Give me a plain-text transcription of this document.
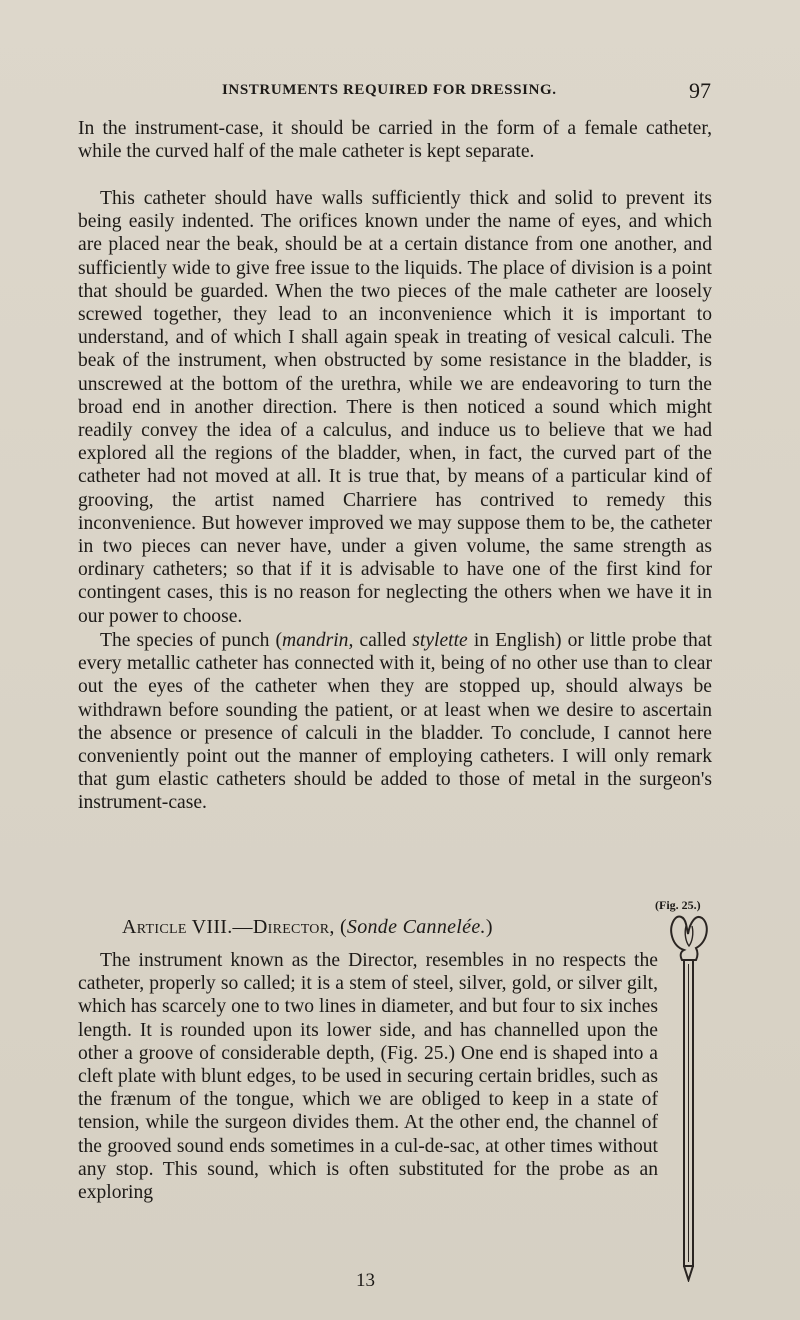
INSTRUMENTS REQUIRED FOR DRESSING.	97

In the instrument-case, it should be carried in the form of a female catheter, while the curved half of the male catheter is kept separate.

This catheter should have walls sufficiently thick and solid to prevent its being easily indented. The orifices known under the name of eyes, and which are placed near the beak, should be at a certain distance from one another, and sufficiently wide to give free issue to the liquids. The place of division is a point that should be guarded. When the two pieces of the male catheter are loosely screwed together, they lead to an inconvenience which it is important to understand, and of which I shall again speak in treating of vesical calculi. The beak of the instrument, when obstructed by some resistance in the bladder, is unscrewed at the bottom of the urethra, while we are endeavoring to turn the broad end in another direction. There is then noticed a sound which might readily convey the idea of a calculus, and induce us to believe that we had explored all the regions of the bladder, when, in fact, the curved part of the catheter had not moved at all. It is true that, by means of a particular kind of grooving, the artist named Charriere has contrived to remedy this inconvenience. But however improved we may suppose them to be, the catheter in two pieces can never have, under a given volume, the same strength as ordinary catheters; so that if it is advisable to have one of the first kind for contingent cases, this is no reason for neglecting the others when we have it in our power to choose.

The species of punch (mandrin, called stylette in English) or little probe that every metallic catheter has connected with it, being of no other use than to clear out the eyes of the catheter when they are stopped up, should always be withdrawn before sounding the patient, or at least when we desire to ascertain the absence or presence of calculi in the bladder. To conclude, I cannot here conveniently point out the manner of employing catheters. I will only remark that gum elastic catheters should be added to those of metal in the surgeon's instrument-case.

(Fig. 25.)
Article VIII.—Director, (Sonde Cannelée.)

The instrument known as the Director, resembles in no respects the catheter, properly so called; it is a stem of steel, silver, gold, or silver gilt, which has scarcely one to two lines in diameter, and but four to six inches length. It is rounded upon its lower side, and has channelled upon the other a groove of considerable depth, (Fig. 25.) One end is shaped into a cleft plate with blunt edges, to be used in securing certain bridles, such as the frænum of the tongue, which we are obliged to keep in a state of tension, while the surgeon divides them. At the other end, the channel of the grooved sound ends sometimes in a cul-de-sac, at other times without any stop. This sound, which is often substituted for the probe as an exploring

13
